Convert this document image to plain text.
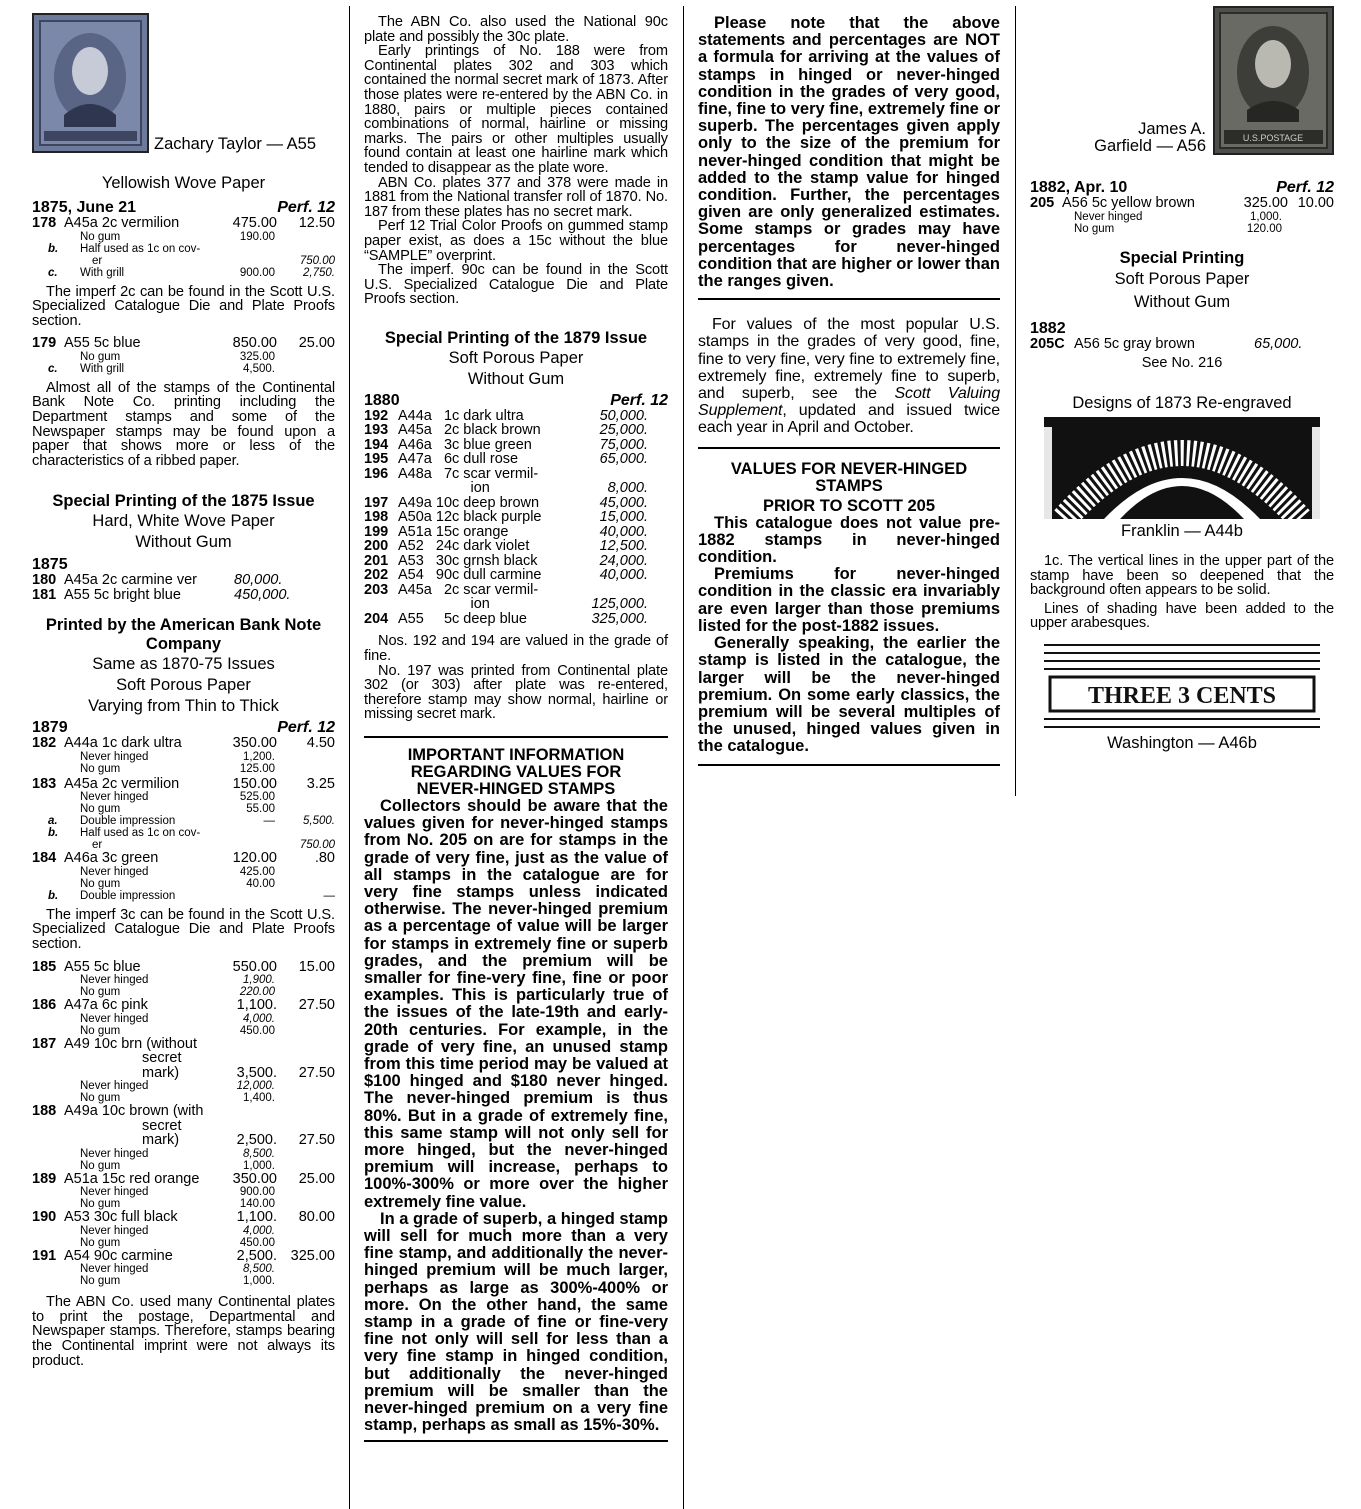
Zachary Taylor — A55
Yellowish Wove Paper
1875, June 21	Perf. 12
178 A45a 2c vermilion	475.00	12.50
No gum	190.00
b.	Half used as 1c on cov-
er	750.00
c.	With grill	900.00	2,750.

The imperf 2c can be found in the Scott U.S. Specialized Catalogue Die and Plate Proofs section.

179 A55 5c blue	850.00	25.00
No gum	325.00
c.	With grill	4,500.

Almost all of the stamps of the Continental Bank Note Co. printing including the Department stamps and some of the Newspaper stamps may be found upon a paper that shows more or less of the characteristics of a ribbed paper.

Special Printing of the 1875 Issue
Hard, White Wove Paper
Without Gum
1875
180 A45a 2c carmine ver	80,000.
181 A55 5c bright blue	450,000.
Printed by the American Bank Note Company
Same as 1870-75 Issues
Soft Porous Paper
Varying from Thin to Thick
1879	Perf. 12
182 A44a 1c dark ultra	350.00	4.50
Never hinged	1,200.
No gum	125.00
183 A45a 2c vermilion	150.00	3.25
Never hinged	525.00
No gum	55.00
a.	Double impression	—	5,500.
b.	Half used as 1c on cov-
er	750.00
184 A46a 3c green	120.00	.80
Never hinged	425.00
No gum	40.00
b.	Double impression	—

The imperf 3c can be found in the Scott U.S. Specialized Catalogue Die and Plate Proofs section.

185 A55 5c blue	550.00	15.00
Never hinged	1,900.
No gum	220.00
186 A47a 6c pink	1,100.	27.50
Never hinged	4,000.
No gum	450.00
187 A49 10c brn (without
secret
mark)	3,500.	27.50
Never hinged	12,000.
No gum	1,400.
188 A49a 10c brown (with
secret
mark)	2,500.	27.50
Never hinged	8,500.
No gum	1,000.
189 A51a 15c red orange	350.00	25.00
Never hinged	900.00
No gum	140.00
190 A53 30c full black	1,100.	80.00
Never hinged	4,000.
No gum	450.00
191 A54 90c carmine	2,500. 325.00
Never hinged	8,500.
No gum	1,000.

The ABN Co. used many Continental plates to print the postage, Departmental and Newspaper stamps. Therefore, stamps bearing the Continental imprint were not always its product.

The ABN Co. also used the National 90c plate and possibly the 30c plate.

Early printings of No. 188 were from Continental plates 302 and 303 which contained the normal secret mark of 1873. After those plates were re-entered by the ABN Co. in 1880, pairs or multiple pieces contained combinations of normal, hairline or missing marks. The pairs or other multiples usually found contain at least one hairline mark which tended to disappear as the plate wore.

ABN Co. plates 377 and 378 were made in 1881 from the National transfer roll of 1870. No. 187 from these plates has no secret mark.

Perf 12 Trial Color Proofs on gummed stamp paper exist, as does a 15c without the blue “SAMPLE” overprint.

The imperf. 90c can be found in the Scott U.S. Specialized Catalogue Die and Plate Proofs section.

Special Printing of the 1879 Issue
Soft Porous Paper
Without Gum
1880	Perf. 12
192 A44a   1c dark ultra	50,000.
193 A45a   2c black brown	25,000.
194 A46a   3c blue green	75,000.
195 A47a   6c dull rose	65,000.
196 A48a   7c scar vermil-
ion	8,000.
197 A49a 10c deep brown	45,000.
198 A50a 12c black purple	15,000.
199 A51a 15c orange	40,000.
200 A52   24c dark violet	12,500.
201 A53   30c grnsh black	24,000.
202 A54   90c dull carmine	40,000.
203 A45a   2c scar vermil-
ion	125,000.
204 A55     5c deep blue	325,000.

Nos. 192 and 194 are valued in the grade of fine.

No. 197 was printed from Continental plate 302 (or 303) after plate was re-entered, therefore stamp may show normal, hairline or missing secret mark.

IMPORTANT INFORMATION REGARDING VALUES FOR NEVER-HINGED STAMPS

Collectors should be aware that the values given for never-hinged stamps from No. 205 on are for stamps in the grade of very fine, just as the value of all stamps in the catalogue are for very fine stamps unless indicated otherwise. The never-hinged premium as a percentage of value will be larger for stamps in extremely fine or superb grades, and the premium will be smaller for fine-very fine, fine or poor examples. This is particularly true of the issues of the late-19th and early-20th centuries. For example, in the grade of very fine, an unused stamp from this time period may be valued at $100 hinged and $180 never hinged. The never-hinged premium is thus 80%. But in a grade of extremely fine, this same stamp will not only sell for more hinged, but the never-hinged premium will increase, perhaps to 100%-300% or more over the higher extremely fine value.

In a grade of superb, a hinged stamp will sell for much more than a very fine stamp, and additionally the never-hinged premium will be much larger, perhaps as large as 300%-400% or more. On the other hand, the same stamp in a grade of fine or fine-very fine not only will sell for less than a very fine stamp in hinged condition, but additionally the never-hinged premium will be smaller than the never-hinged premium on a very fine stamp, perhaps as small as 15%-30%.

Please note that the above statements and percentages are NOT a formula for arriving at the values of stamps in hinged or never-hinged condition in the grades of very good, fine, fine to very fine, extremely fine or superb. The percentages given apply only to the size of the premium for never-hinged condition that might be added to the stamp value for hinged condition. Further, the percentages given are only generalized estimates. Some stamps or grades may have percentages for never-hinged condition that are higher or lower than the ranges given.

For values of the most popular U.S. stamps in the grades of very good, fine, fine to very fine, very fine to extremely fine, extremely fine, extremely fine to superb, and superb, see the Scott Valuing Supplement, updated and issued twice each year in April and October.

VALUES FOR NEVER-HINGED STAMPS
PRIOR TO SCOTT 205

This catalogue does not value pre-1882 stamps in never-hinged condition.

Premiums for never-hinged condition in the classic era invariably are even larger than those premiums listed for the post-1882 issues.

Generally speaking, the earlier the stamp is listed in the catalogue, the larger will be the never-hinged premium. On some early classics, the premium will be several multiples of the unused, hinged values given in the catalogue.

James A.
Garfield — A56	U.S.POSTAGE
1882, Apr. 10	Perf. 12
205 A56 5c yellow brown	325.00 10.00
Never hinged	1,000.
No gum	120.00
Special Printing
Soft Porous Paper
Without Gum
1882
205C A56 5c gray brown	65,000.
See No. 216
Designs of 1873 Re-engraved
Franklin — A44b

1c. The vertical lines in the upper part of the stamp have been so deepened that the background often appears to be solid.

Lines of shading have been added to the upper arabesques.

THREE 3 CENTS
Washington — A46b
